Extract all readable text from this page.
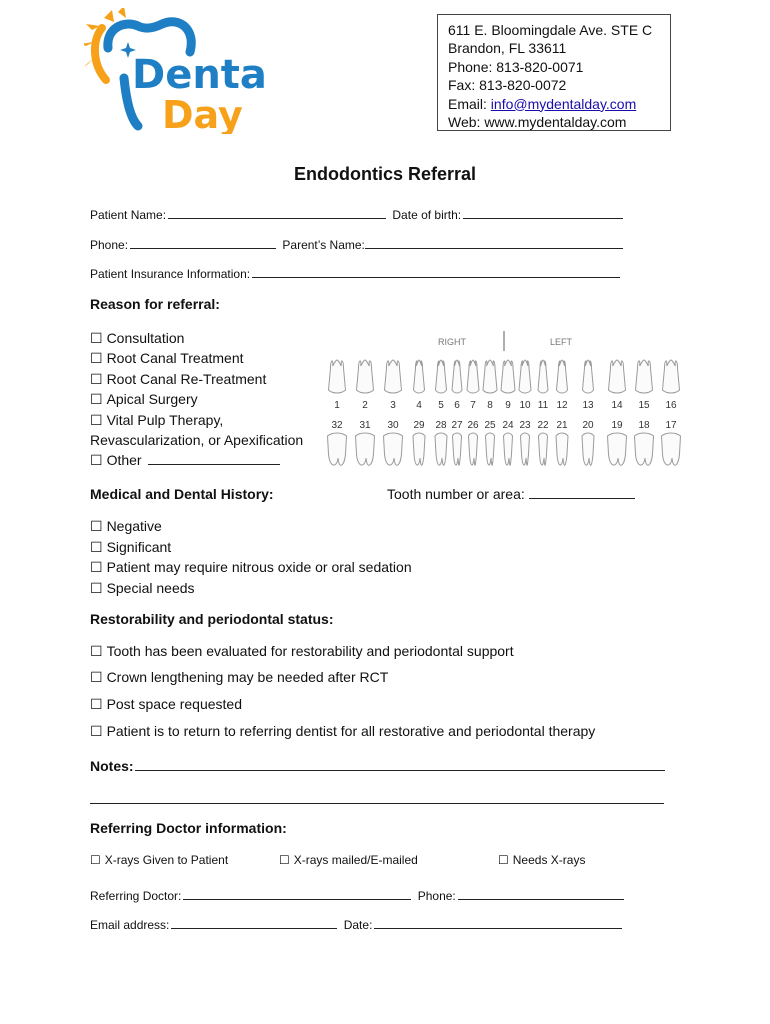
Dental
Day
611 E. Bloomingdale Ave. STE C
Brandon, FL 33611
Phone: 813-820-0071
Fax: 813-820-0072
Email: info@mydentalday.com
Web: www.mydentalday.com
Endodontics Referral
Patient Name:	Date of birth:
Phone:	Parent’s Name:
Patient Insurance Information:
Reason for referral:
☐ Consultation
☐ Root Canal Treatment
☐ Root Canal Re-Treatment
☐ Apical Surgery
☐ Vital Pulp Therapy,
Revascularization, or Apexification
☐ Other
RIGHT	LEFT
1 2 3 4 5 6 7 8 9 10 11 12 13 14 15 16
32 31 30 29 28 27 26 25 24 23 22 21 20 19 18 17
Medical and Dental History:	Tooth number or area:
☐ Negative
☐ Significant
☐ Patient may require nitrous oxide or oral sedation
☐ Special needs
Restorability and periodontal status:
☐ Tooth has been evaluated for restorability and periodontal support
☐ Crown lengthening may be needed after RCT
☐ Post space requested
☐ Patient is to return to referring dentist for all restorative and periodontal therapy
Notes:
Referring Doctor information:
☐ X-rays Given to Patient	☐ X-rays mailed/E-mailed	☐ Needs X-rays
Referring Doctor:	Phone:
Email address:	Date:
